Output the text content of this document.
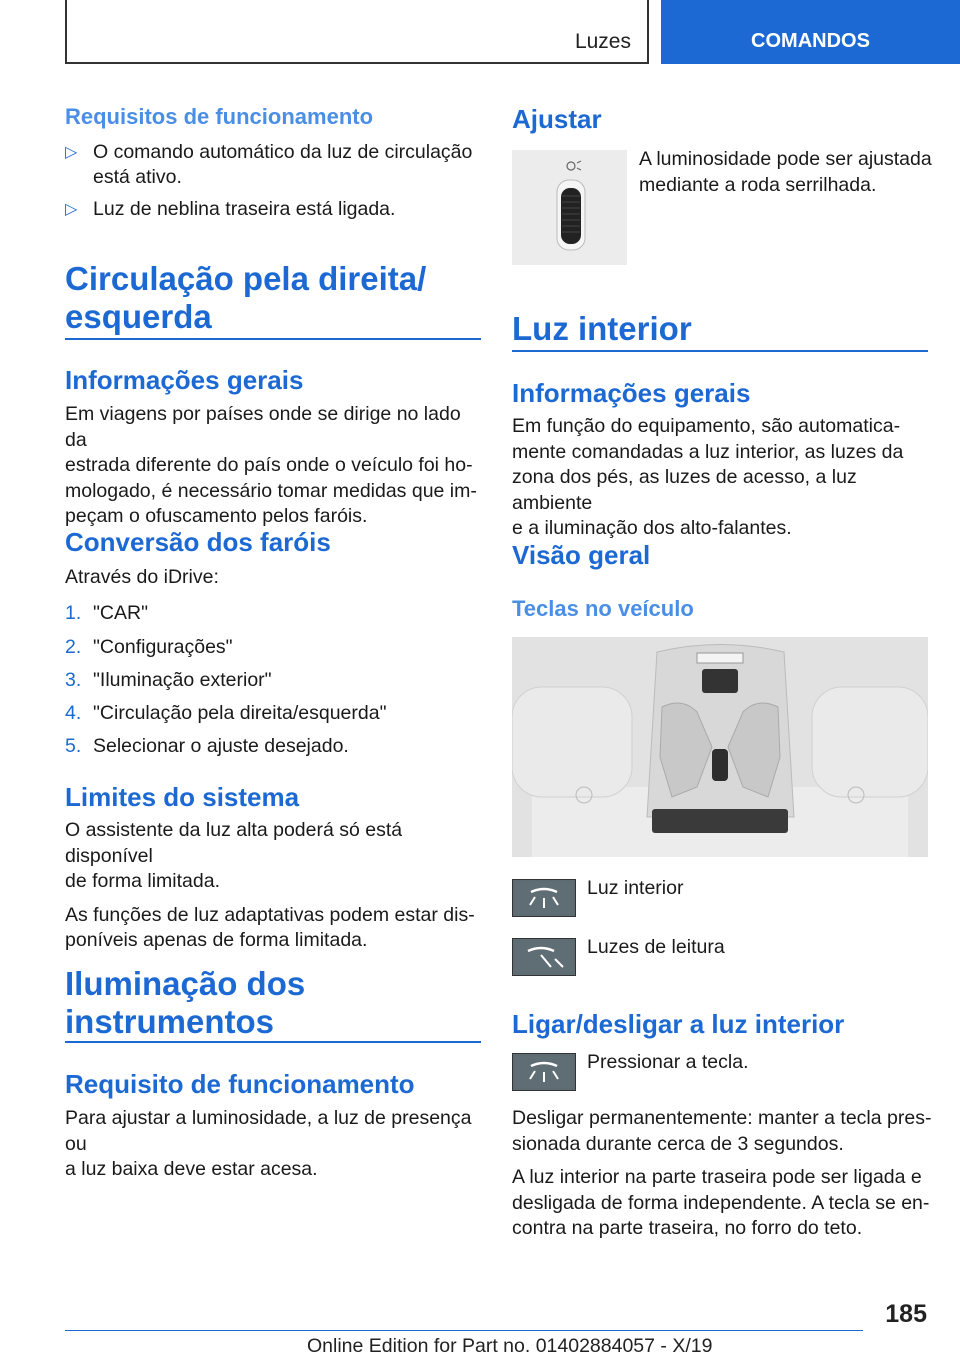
Luzes	COMANDOS
Requisitos de funcionamento
▷ O comando automático da luz de circulação
está ativo.
▷ Luz de neblina traseira está ligada.
Circulação pela direita/
esquerda
Informações gerais
Em viagens por países onde se dirige no lado da
estrada diferente do país onde o veículo foi ho-
mologado, é necessário tomar medidas que im-
peçam o ofuscamento pelos faróis.
Conversão dos faróis
Através do iDrive:
1. "CAR"
2. "Configurações"
3. "Iluminação exterior"
4. "Circulação pela direita/esquerda"
5. Selecionar o ajuste desejado.
Limites do sistema
O assistente da luz alta poderá só está disponível
de forma limitada.
As funções de luz adaptativas podem estar dis-
poníveis apenas de forma limitada.
Iluminação dos
instrumentos
Requisito de funcionamento
Para ajustar a luminosidade, a luz de presença ou
a luz baixa deve estar acesa.
Ajustar
A luminosidade pode ser ajustada
mediante a roda serrilhada.
Luz interior
Informações gerais
Em função do equipamento, são automatica-
mente comandadas a luz interior, as luzes da
zona dos pés, as luzes de acesso, a luz ambiente
e a iluminação dos alto-falantes.
Visão geral
Teclas no veículo
Luz interior
Luzes de leitura
Ligar/desligar a luz interior
Pressionar a tecla.
Desligar permanentemente: manter a tecla pres-
sionada durante cerca de 3 segundos.
A luz interior na parte traseira pode ser ligada e
desligada de forma independente. A tecla se en-
contra na parte traseira, no forro do teto.
185
Online Edition for Part no. 01402884057 - X/19
